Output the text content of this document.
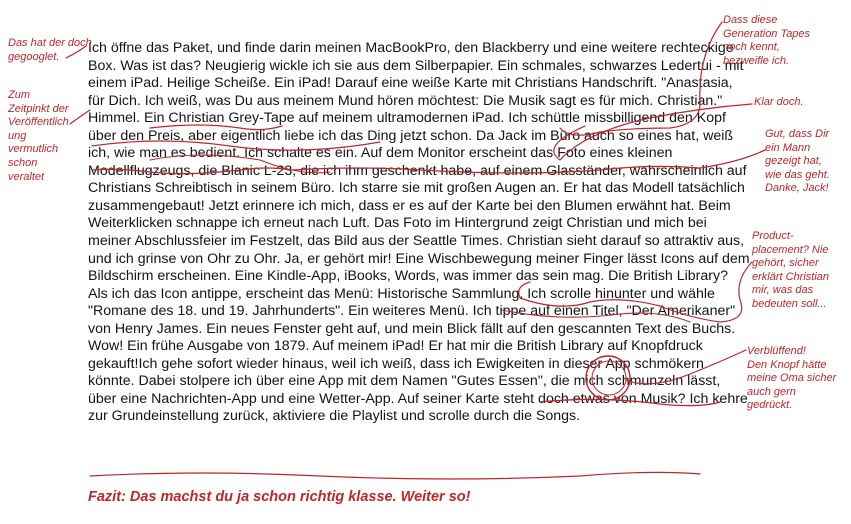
Ich öffne das Paket, und finde darin meinen MacBookPro, den Blackberry und eine weitere rechteckige Box. Was ist das? Neugierig wickle ich sie aus dem Silberpapier. Ein schmales, schwarzes Ledertui - mit einem iPad. Heilige Scheiße. Ein iPad! Darauf eine weiße Karte mit Christians Handschrift. "Anastasia, für Dich. Ich weiß, was Du aus meinem Mund hören möchtest: Die Musik sagt es für mich. Christian." Himmel. Ein Christian Grey-Tape auf meinem ultramodernen iPad. Ich schüttle missbilligend den Kopf über den Preis, aber eigentlich liebe ich das Ding jetzt schon. Da Jack im Büro auch so eines hat, weiß ich, wie man es bedient. Ich schalte es ein. Auf dem Monitor erscheint das Foto eines kleinen Modellflugzeugs, die Blanic L-23, die ich ihm geschenkt habe, auf einem Glasständer, wahrscheinlich auf Christians Schreibtisch in seinem Büro. Ich starre sie mit großen Augen an. Er hat das Modell tatsächlich zusammengebaut! Jetzt erinnere ich mich, dass er es auf der Karte bei den Blumen erwähnt hat. Beim Weiterklicken schnappe ich erneut nach Luft. Das Foto im Hintergrund zeigt Christian und mich bei meiner Abschlussfeier im Festzelt, das Bild aus der Seattle Times. Christian sieht darauf so attraktiv aus, und ich grinse von Ohr zu Ohr. Ja, er gehört mir! Eine Wischbewegung meiner Finger lässt Icons auf dem Bildschirm erscheinen. Eine Kindle-App, iBooks, Words, was immer das sein mag. Die British Library? Als ich das Icon antippe, erscheint das Menü: Historische Sammlung. Ich scrolle hinunter und wähle "Romane des 18. und 19. Jahrhunderts". Ein weiteres Menü. Ich tippe auf einen Titel, "Der Amerikaner" von Henry James. Ein neues Fenster geht auf, und mein Blick fällt auf den gescannten Text des Buchs. Wow! Ein frühe Ausgabe von 1879. Auf meinem iPad! Er hat mir die British Library auf Knopfdruck gekauft!Ich gehe sofort wieder hinaus, weil ich weiß, dass ich Ewigkeiten in dieser App schmökern könnte. Dabei stolpere ich über eine App mit dem Namen "Gutes Essen", die mich schmunzeln lässt, über eine Nachrichten-App und eine Wetter-App. Auf seiner Karte steht doch etwas von Musik? Ich kehre zur Grundeinstellung zurück, aktiviere die Playlist und scrolle durch die Songs.

Das hat der doch
gegooglet.

Zum
Zeitpinkt der
Veröffentlich
ung
vermutlich
schon
veraltet

Dass diese
Generation Tapes
noch kennt,
bezweifle ich.

Klar doch.

Gut, dass Dir
ein Mann
gezeigt hat,
wie das geht.
Danke, Jack!

Product-
placement? Nie
gehört, sicher
erklärt Christian
mir, was das
bedeuten soll...

Verblüffend!
Den Knopf hätte
meine Oma sicher
auch gern
gedrückt.

Fazit: Das machst du ja schon richtig klasse. Weiter so!
